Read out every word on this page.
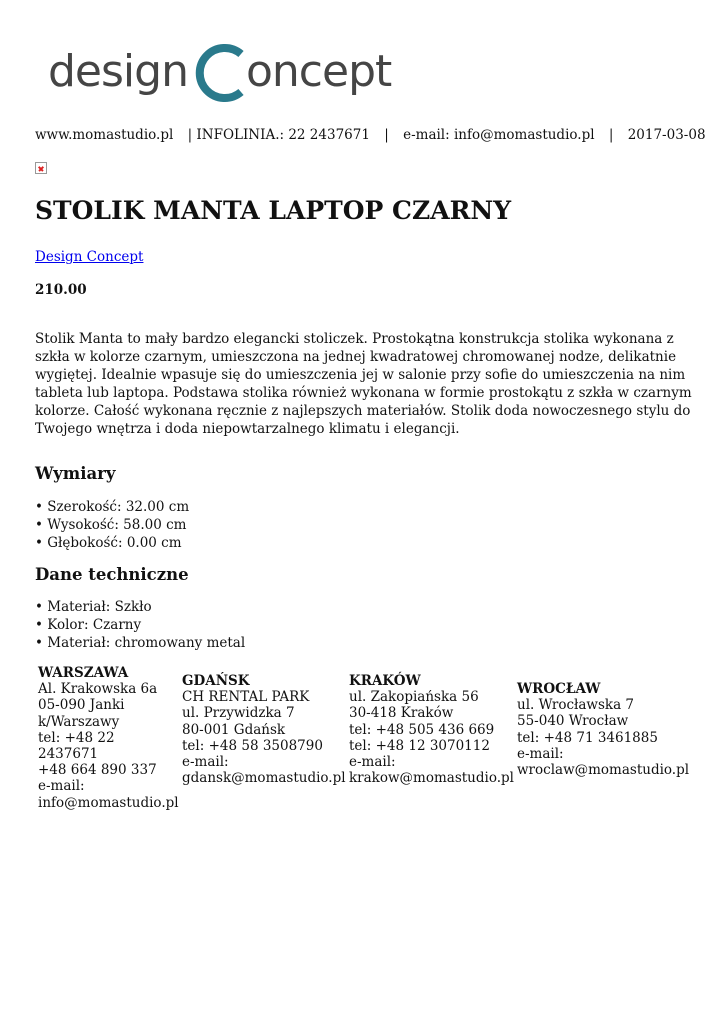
design oncept
www.momastudio.pl | INFOLINIA.: 22 2437671 | e-mail: info@momastudio.pl | 2017-03-08
STOLIK MANTA LAPTOP CZARNY
Design Concept
210.00

Stolik Manta to mały bardzo elegancki stoliczek. Prostokątna konstrukcja stolika wykonana z szkła w kolorze czarnym, umieszczona na jednej kwadratowej chromowanej nodze, delikatnie wygiętej. Idealnie wpasuje się do umieszczenia jej w salonie przy sofie do umieszczenia na nim tableta lub laptopa. Podstawa stolika również wykonana w formie prostokątu z szkła w czarnym kolorze. Całość wykonana ręcznie z najlepszych materiałów. Stolik doda nowoczesnego stylu do Twojego wnętrza i doda niepowtarzalnego klimatu i elegancji.

Wymiary
• Szerokość: 32.00 cm
• Wysokość: 58.00 cm
• Głębokość: 0.00 cm
Dane techniczne
• Materiał: Szkło
• Kolor: Czarny
• Materiał: chromowany metal
WARSZAWA
Al. Krakowska 6a
05-090 Janki
k/Warszawy
tel: +48 22 2437671
+48 664 890 337
e-mail:
info@momastudio.pl
GDAŃSK
CH RENTAL PARK
ul. Przywidzka 7
80-001 Gdańsk
tel: +48 58 3508790
e-mail:
gdansk@momastudio.pl
KRAKÓW
ul. Zakopiańska 56
30-418 Kraków
tel: +48 505 436 669
tel: +48 12 3070112
e-mail:
krakow@momastudio.pl
WROCŁAW
ul. Wrocławska 7
55-040 Wrocław
tel: +48 71 3461885
e-mail:
wroclaw@momastudio.pl
